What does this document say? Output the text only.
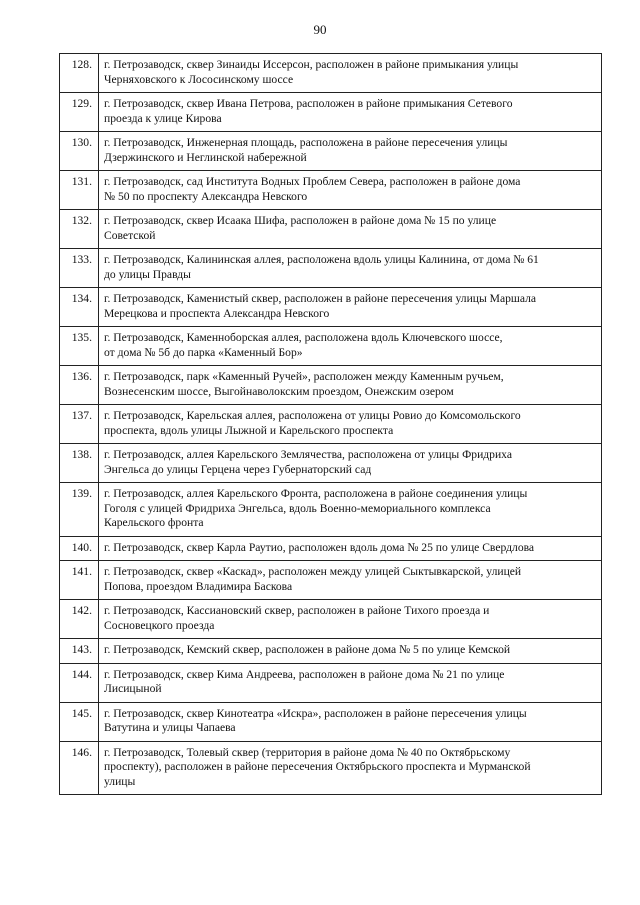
90
128.	г. Петрозаводск, сквер Зинаиды Иссерсон, расположен в районе примыкания улицы
Черняховского к Лососинскому шоссе
129.	г. Петрозаводск, сквер Ивана Петрова, расположен в районе примыкания Сетевого
проезда к улице Кирова
130.	г. Петрозаводск, Инженерная площадь, расположена в районе пересечения улицы
Дзержинского и Неглинской набережной
131.	г. Петрозаводск, сад Института Водных Проблем Севера, расположен в районе дома
№ 50 по проспекту Александра Невского
132.	г. Петрозаводск, сквер Исаака Шифа, расположен в районе дома № 15 по улице
Советской
133.	г. Петрозаводск, Калининская аллея, расположена вдоль улицы Калинина, от дома № 61
до улицы Правды
134.	г. Петрозаводск, Каменистый сквер, расположен в районе пересечения улицы Маршала
Мерецкова и проспекта Александра Невского
135.	г. Петрозаводск, Каменноборская аллея, расположена вдоль Ключевского шоссе,
от дома № 5б до парка «Каменный Бор»
136.	г. Петрозаводск, парк «Каменный Ручей», расположен между Каменным ручьем,
Вознесенским шоссе, Выгойнаволокским проездом, Онежским озером
137.	г. Петрозаводск, Карельская аллея, расположена от улицы Ровио до Комсомольского
проспекта, вдоль улицы Лыжной и Карельского проспекта
138.	г. Петрозаводск, аллея Карельского Землячества, расположена от улицы Фридриха
Энгельса до улицы Герцена через Губернаторский сад
139.	г. Петрозаводск, аллея Карельского Фронта, расположена в районе соединения улицы
Гоголя с улицей Фридриха Энгельса, вдоль Военно-мемориального комплекса
Карельского фронта
140.	г. Петрозаводск, сквер Карла Раутио, расположен вдоль дома № 25 по улице Свердлова
141.	г. Петрозаводск, сквер «Каскад», расположен между улицей Сыктывкарской, улицей
Попова, проездом Владимира Баскова
142.	г. Петрозаводск, Кассиановский сквер, расположен в районе Тихого проезда и
Сосновецкого проезда
143.	г. Петрозаводск, Кемский сквер, расположен в районе дома № 5 по улице Кемской
144.	г. Петрозаводск, сквер Кима Андреева, расположен в районе дома № 21 по улице
Лисицыной
145.	г. Петрозаводск, сквер Кинотеатра «Искра», расположен в районе пересечения улицы
Ватутина и улицы Чапаева
146.	г. Петрозаводск, Толевый сквер (территория в районе дома № 40 по Октябрьскому
проспекту), расположен в районе пересечения Октябрьского проспекта и Мурманской
улицы
